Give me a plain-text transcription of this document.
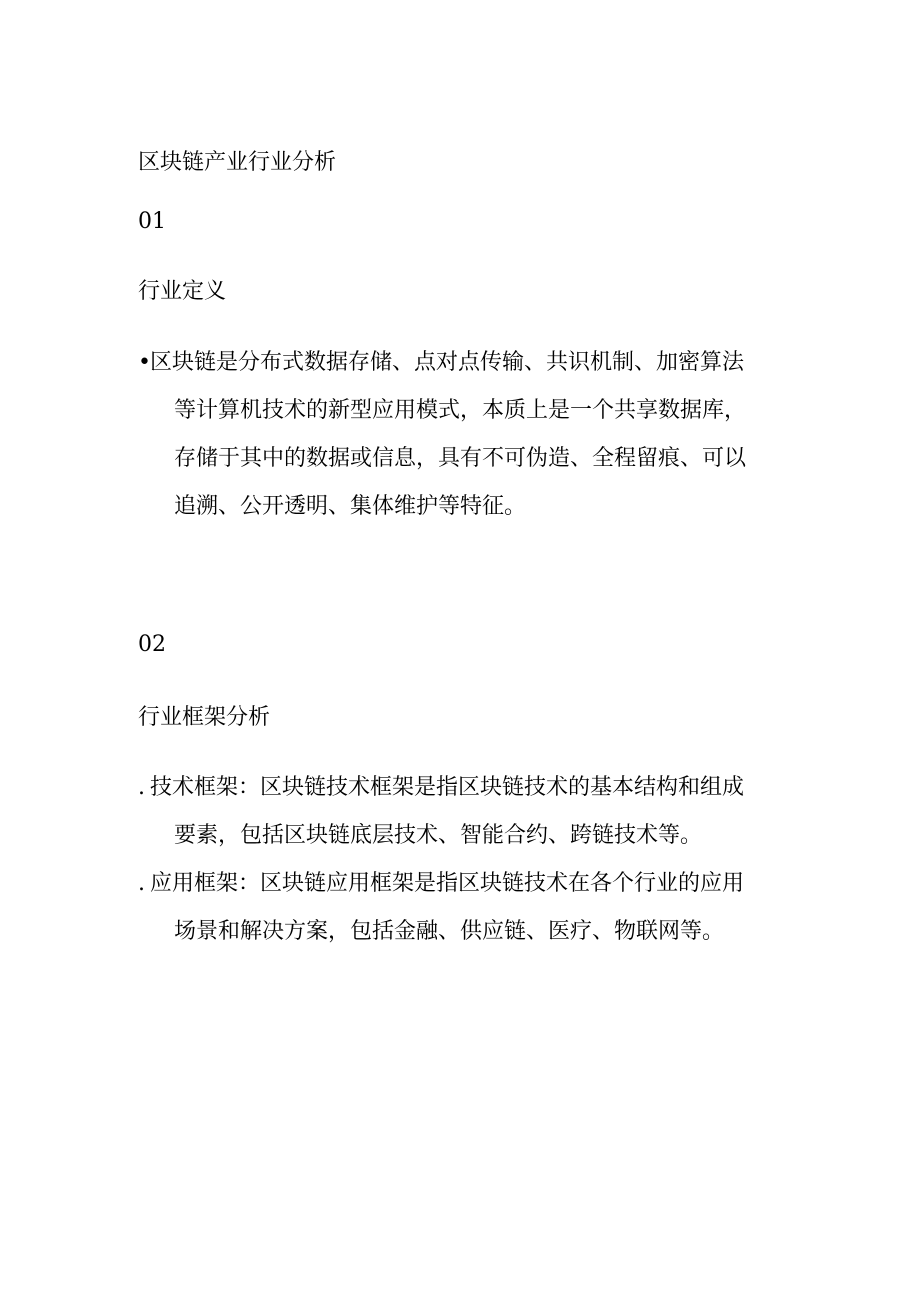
区块链产业行业分析
01
行业定义
• 区块链是分布式数据存储、点对点传输、共识机制、加密算法
等计算机技术的新型应用模式，本质上是一个共享数据库，
存储于其中的数据或信息，具有不可伪造、全程留痕、可以
追溯、公开透明、集体维护等特征。
02
行业框架分析
. 技术框架：区块链技术框架是指区块链技术的基本结构和组成
要素，包括区块链底层技术、智能合约、跨链技术等。
. 应用框架：区块链应用框架是指区块链技术在各个行业的应用
场景和解决方案，包括金融、供应链、医疗、物联网等。
